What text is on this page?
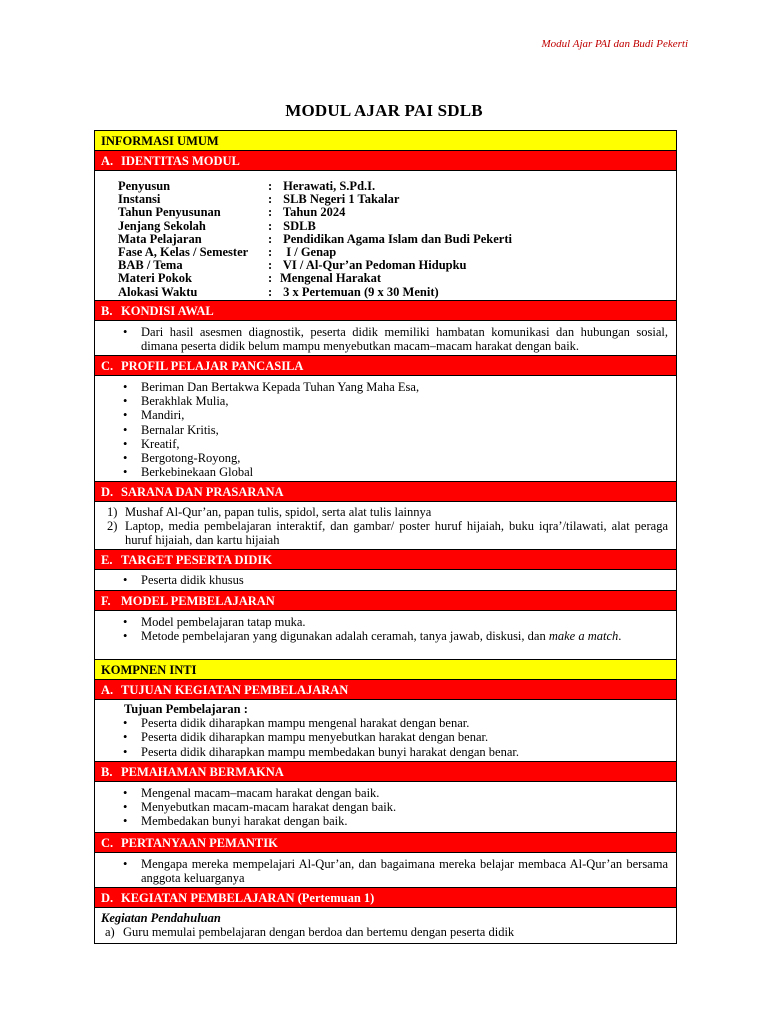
Modul Ajar PAI dan Budi Pekerti
MODUL AJAR PAI SDLB
INFORMASI UMUM
A. IDENTITAS MODUL
Penyusun	:	Herawati, S.Pd.I.
Instansi	:	SLB Negeri 1 Takalar
Tahun Penyusunan	:	Tahun 2024
Jenjang Sekolah	:	SDLB
Mata Pelajaran	:	Pendidikan Agama Islam dan Budi Pekerti
Fase A, Kelas / Semester	:	I / Genap
BAB / Tema	:	VI / Al-Qur’an Pedoman Hidupku
Materi Pokok	:	Mengenal Harakat
Alokasi Waktu	:	3 x Pertemuan (9 x 30 Menit)
B. KONDISI AWAL
• Dari hasil asesmen diagnostik, peserta didik memiliki hambatan komunikasi dan hubungan sosial, dimana peserta didik belum mampu menyebutkan macam–macam harakat dengan baik.
C. PROFIL PELAJAR PANCASILA
• Beriman Dan Bertakwa Kepada Tuhan Yang Maha Esa,
• Berakhlak Mulia,
• Mandiri,
• Bernalar Kritis,
• Kreatif,
• Bergotong-Royong,
• Berkebinekaan Global
D. SARANA DAN PRASARANA
1) Mushaf Al-Qur’an, papan tulis, spidol, serta alat tulis lainnya
2) Laptop, media pembelajaran interaktif, dan gambar/ poster huruf hijaiah, buku iqra’/tilawati, alat peraga huruf hijaiah, dan kartu hijaiah
E. TARGET PESERTA DIDIK
• Peserta didik khusus
F. MODEL PEMBELAJARAN
• Model pembelajaran tatap muka.
• Metode pembelajaran yang digunakan adalah ceramah, tanya jawab, diskusi, dan make a match.
KOMPNEN INTI
A. TUJUAN KEGIATAN PEMBELAJARAN
Tujuan Pembelajaran :
• Peserta didik diharapkan mampu mengenal harakat dengan benar.
• Peserta didik diharapkan mampu menyebutkan harakat dengan benar.
• Peserta didik diharapkan mampu membedakan bunyi harakat dengan benar.
B. PEMAHAMAN BERMAKNA
• Mengenal macam–macam harakat dengan baik.
• Menyebutkan macam-macam harakat dengan baik.
• Membedakan bunyi harakat dengan baik.
C. PERTANYAAN PEMANTIK
• Mengapa mereka mempelajari Al-Qur’an, dan bagaimana mereka belajar membaca Al-Qur’an bersama anggota keluarganya
D. KEGIATAN PEMBELAJARAN (Pertemuan 1)
Kegiatan Pendahuluan
a) Guru memulai pembelajaran dengan berdoa dan bertemu dengan peserta didik
